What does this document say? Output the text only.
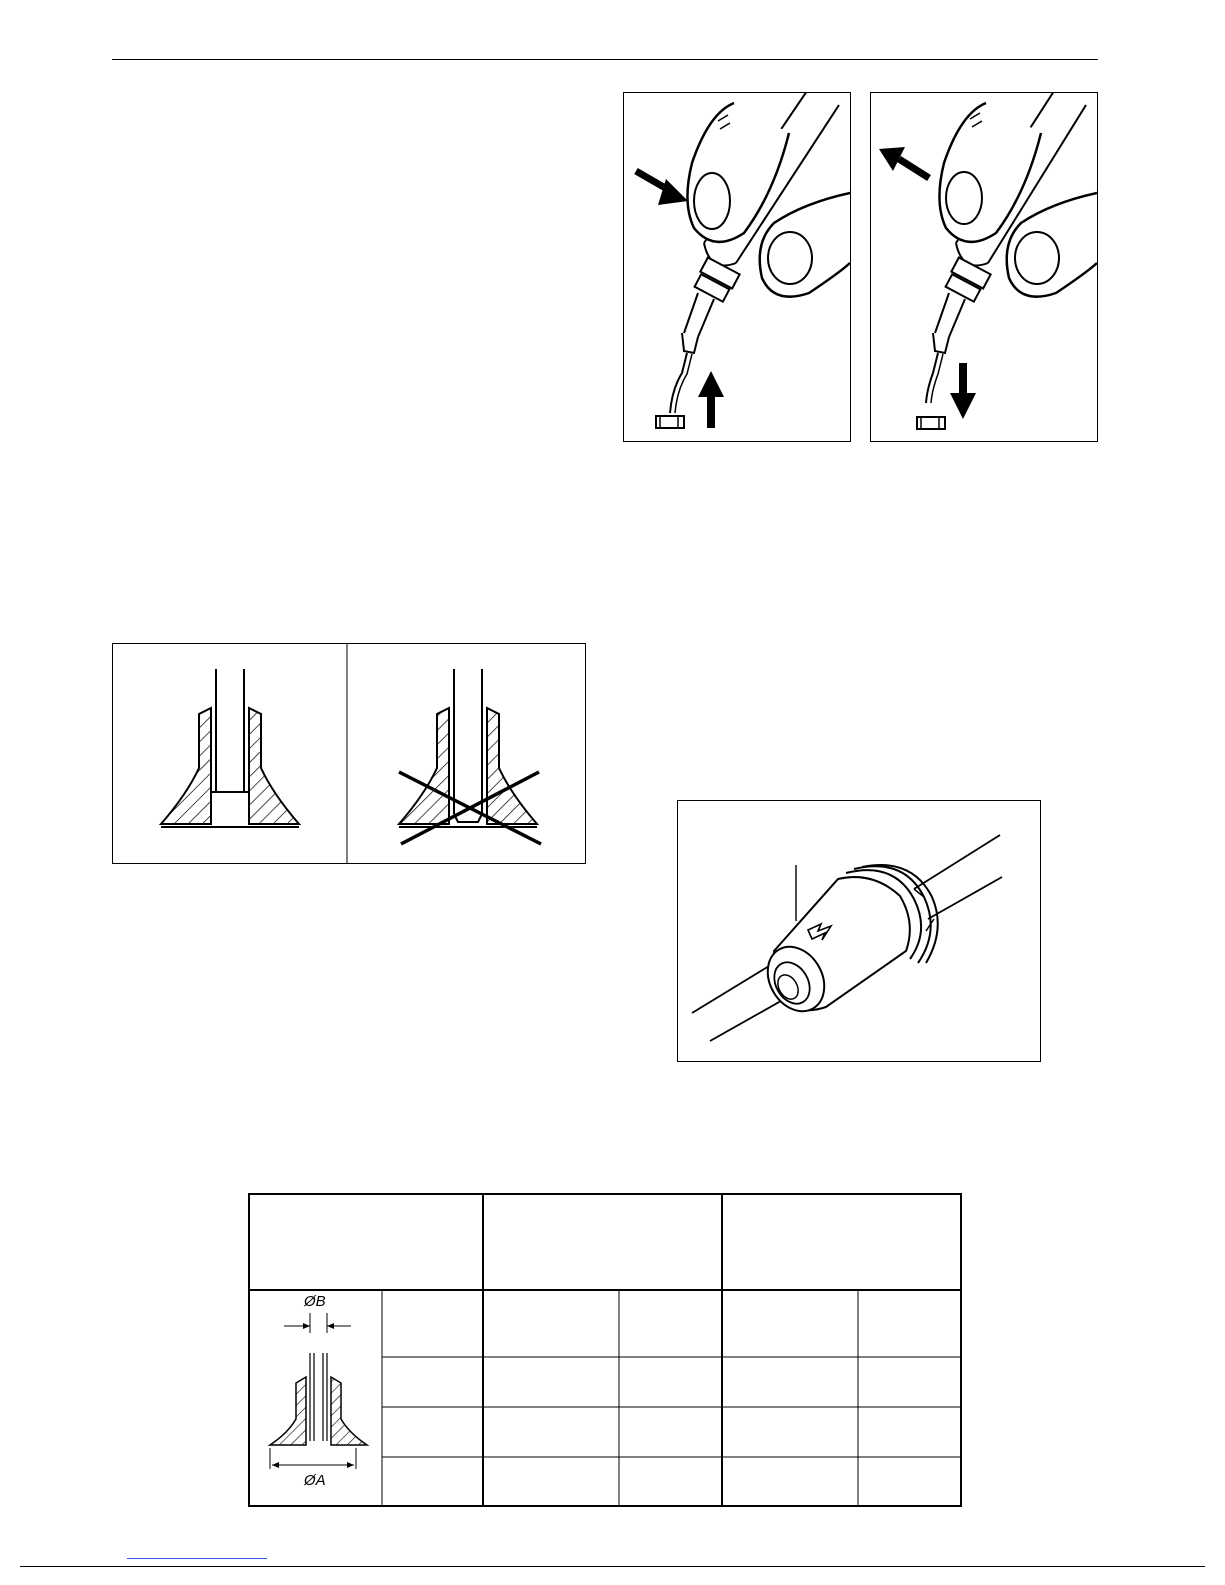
ØB
ØA
